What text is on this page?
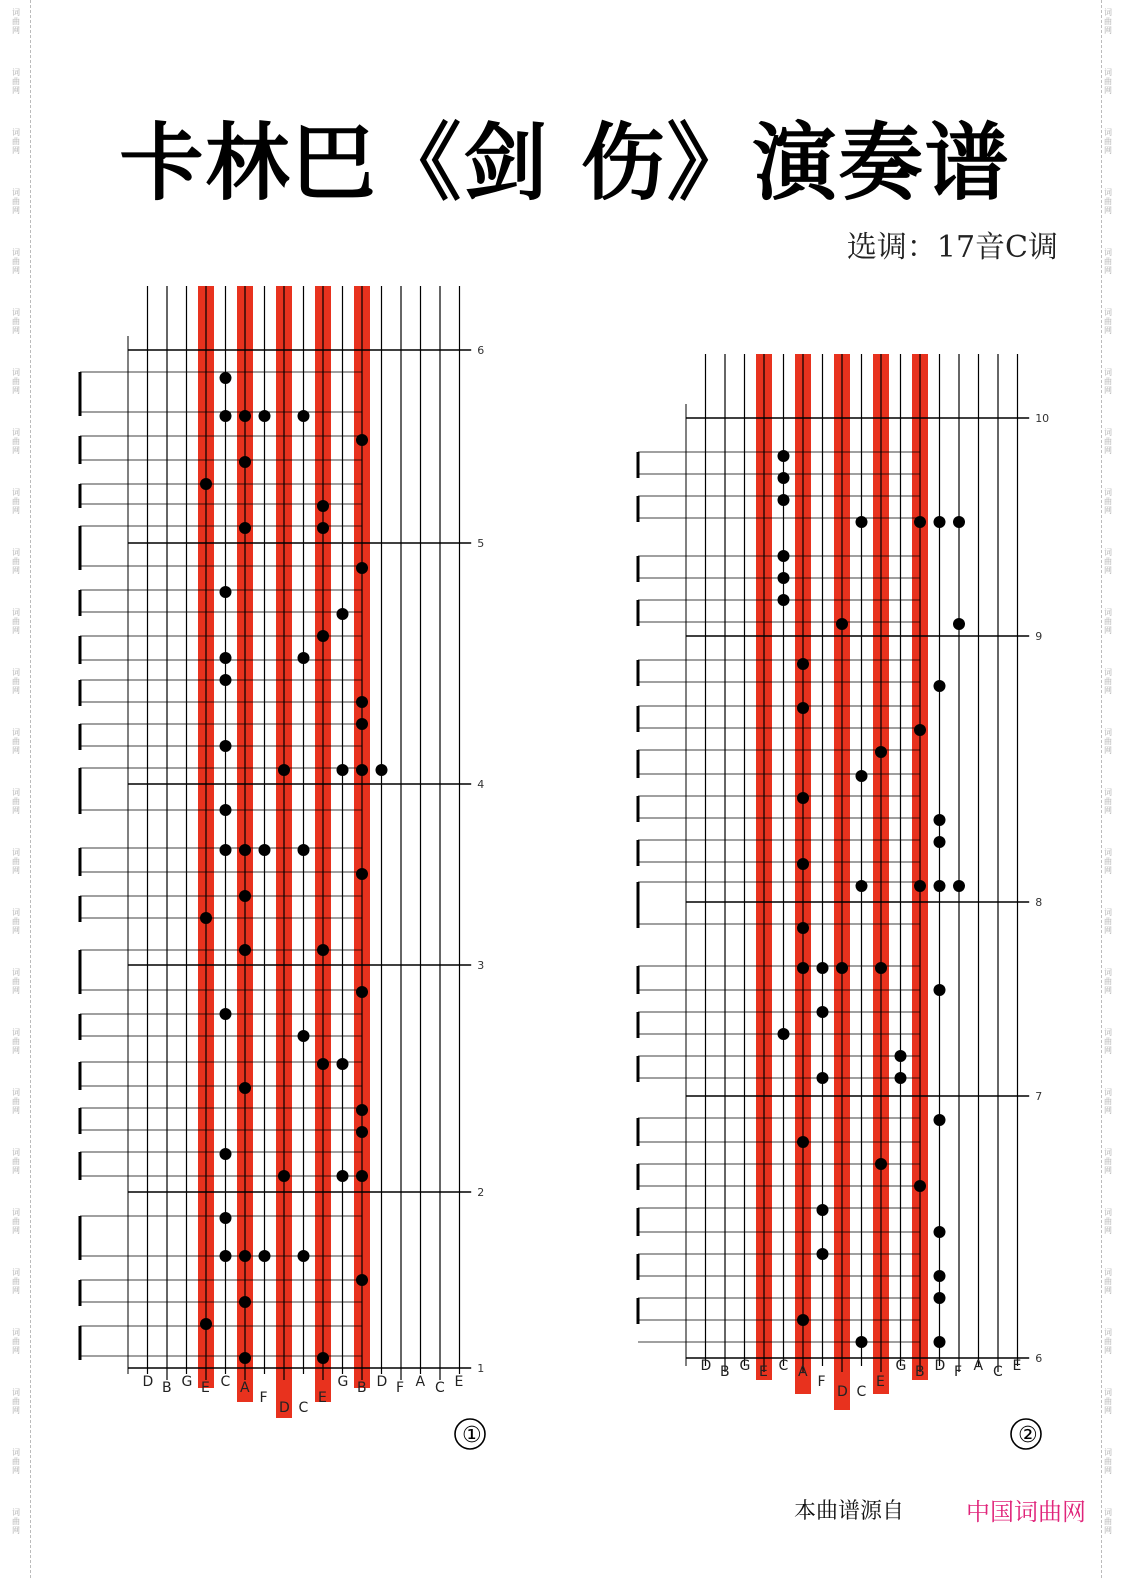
词
曲
网
词
曲
网
词
曲
网
词
曲
网
词
曲
网
词
曲
网
词
曲
网
词
曲
网
词
曲
网
词
曲
网
词
曲
网
词
曲
网
词
曲
网
词
曲
网
词
曲
网
词
曲
网
词
曲
网
词
曲
网
词
曲
网
词
曲
网
词
曲
网
词
曲
网
词
曲
网
词
曲
网
词
曲
网
词
曲
网
词
曲
网
词
曲
网
词
曲
网
词
曲
网
词
曲
网
词
曲
网
词
曲
网
词
曲
网
词
曲
网
词
曲
网
词
曲
网
词
曲
网
词
曲
网
词
曲
网
词
曲
网
词
曲
网
词
曲
网
词
曲
网
词
曲
网
词
曲
网
词
曲
网
词
曲
网
词
曲
网
词
曲
网
词
曲
网
词
曲
网
卡林巴《剑 伤》演奏谱
选调：17音C调
6
5
4
3
2
1
D B G E C A
F
D C
E
G B D F A C E
①
10
9
8
7
6
D B G E C A
F
D C
E
G B D F A C E
②
本曲谱源自	中国词曲网
